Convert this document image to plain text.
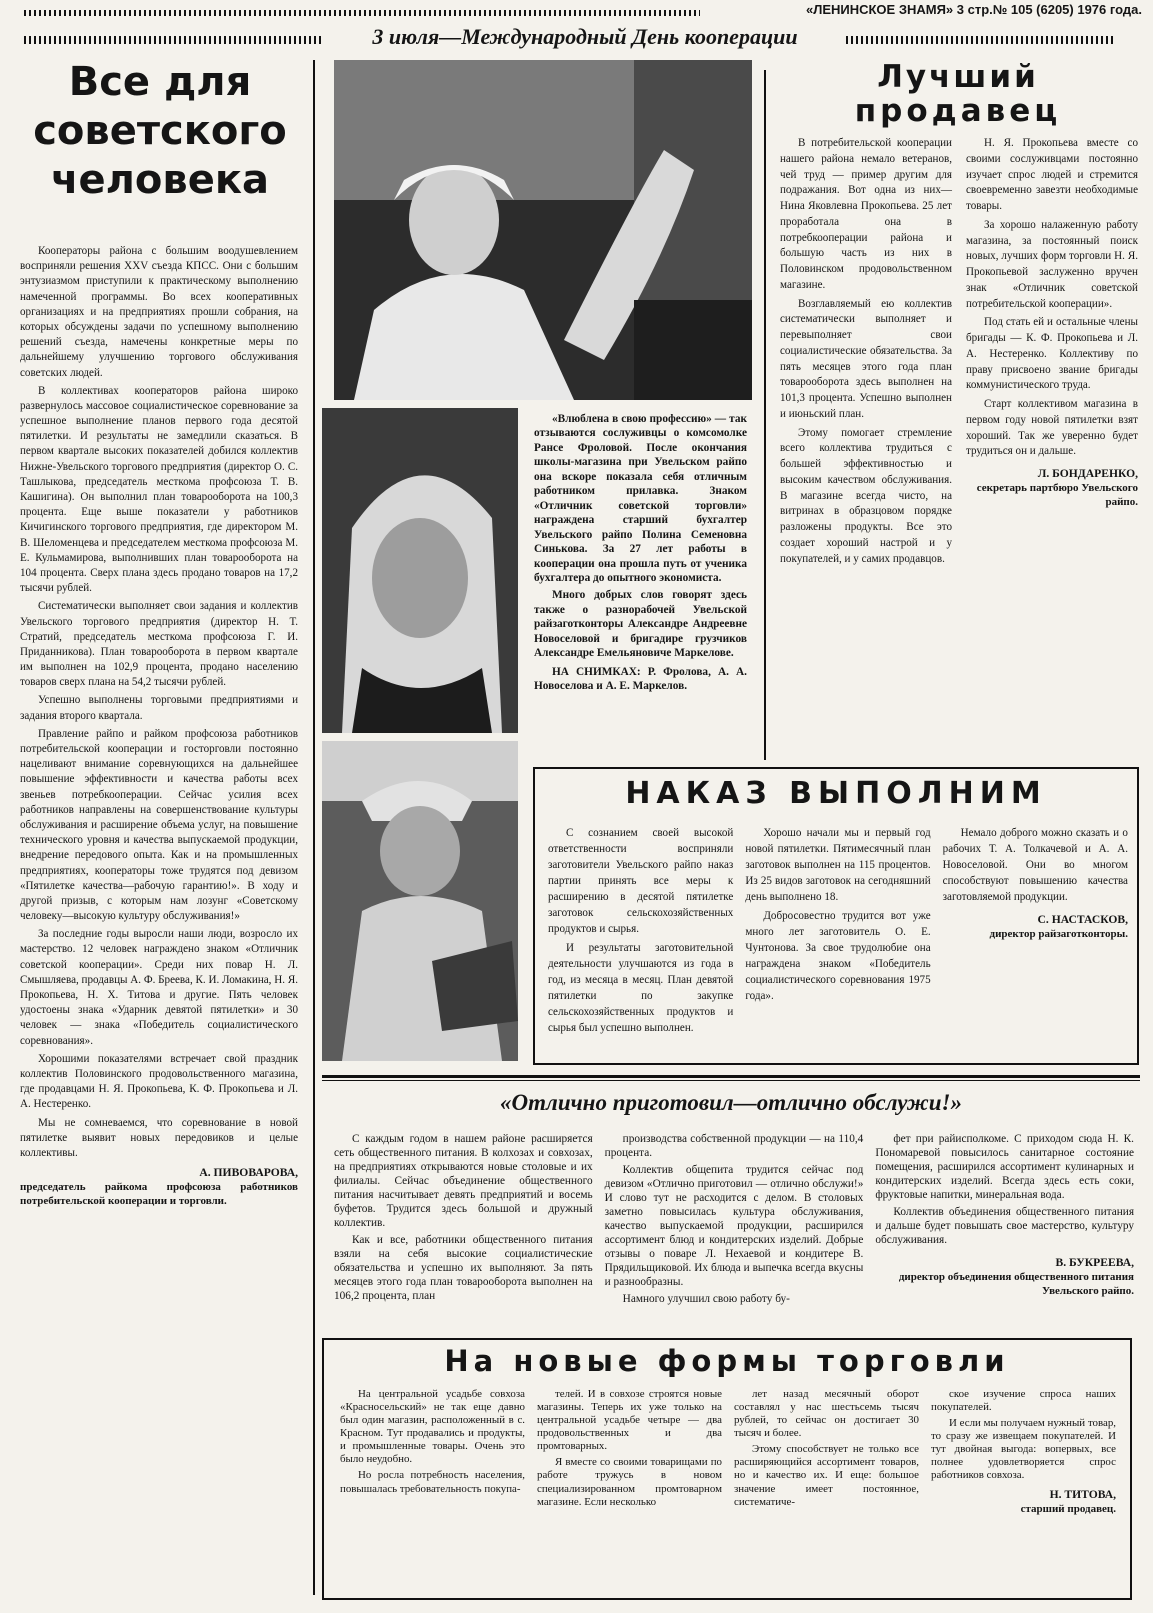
«ЛЕНИНСКОЕ ЗНАМЯ» 3 стр.№ 105 (6205) 1976 года.
3 июля—Международный День кооперации
Все для
советского
человека

Кооператоры района с большим воодушевлением восприняли решения XXV съезда КПСС. Они с большим энтузиазмом приступили к практическому выполнению намеченной программы. Во всех кооперативных организациях и на предприятиях прошли собрания, на которых обсуждены задачи по успешному выполнению решений съезда, намечены конкретные меры по дальнейшему улучшению торгового обслуживания советских людей.

В коллективах кооператоров района широко развернулось массовое социалистическое соревнование за успешное выполнение планов первого года десятой пятилетки. И результаты не замедлили сказаться. В первом квартале высоких показателей добился коллектив Нижне-Увельского торгового предприятия (директор О. С. Ташлыкова, председатель месткома профсоюза Т. В. Кашигина). Он выполнил план товарооборота на 100,3 процента. Еще выше показатели у работников Кичигинского торгового предприятия, где директором М. В. Шеломенцева и председателем месткома профсоюза М. Е. Кульмамирова, выполнивших план товарооборота на 104 процента. Сверх плана здесь продано товаров на 17,2 тысячи рублей.

Систематически выполняет свои задания и коллектив Увельского торгового предприятия (директор Н. Т. Стратий, председатель месткома профсоюза Г. И. Приданникова). План товарооборота в первом квартале им выполнен на 102,9 процента, продано населению товаров сверх плана на 54,2 тысячи рублей.

Успешно выполнены торговыми предприятиями и задания второго квартала.

Правление райпо и райком профсоюза работников потребительской кооперации и госторговли постоянно нацеливают внимание соревнующихся на дальнейшее повышение эффективности и качества работы всех звеньев потребкооперации. Сейчас усилия всех работников направлены на совершенствование культуры обслуживания и расширение объема услуг, на повышение технического уровня и качества выпускаемой продукции, внедрение передового опыта. Как и на промышленных предприятиях, кооператоры тоже трудятся под девизом «Пятилетке качества—рабочую гарантию!». В ходу и другой призыв, с которым нам лозунг «Советскому человеку—высокую культуру обслуживания!»

За последние годы выросли наши люди, возросло их мастерство. 12 человек награждено знаком «Отличник советской кооперации». Среди них повар Н. Л. Смышляева, продавцы А. Ф. Бреева, К. И. Ломакина, Н. Я. Прокопьева, Н. Х. Титова и другие. Пять человек удостоены знака «Ударник девятой пятилетки» и 30 человек — знака «Победитель социалистического соревнования».

Хорошими показателями встречает свой праздник коллектив Половинского продовольственного магазина, где продавцами Н. Я. Прокопьева, К. Ф. Прокопьева и Л. А. Нестеренко.

Мы не сомневаемся, что соревнование в новой пятилетке выявит новых передовиков и целые коллективы.

А. ПИВОВАРОВА,
председатель райкома профсоюза работников потребительской кооперации и торговли.

«Влюблена в свою профессию» — так отзываются сослуживцы о комсомолке Рансе Фроловой. После окончания школы-магазина при Увельском райпо она вскоре показала себя отличным работником прилавка. Знаком «Отличник советской торговли» награждена старший бухгалтер Увельского райпо Полина Семеновна Синькова. За 27 лет работы в кооперации она прошла путь от ученика бухгалтера до опытного экономиста.

Много добрых слов говорят здесь также о разнорабочей Увельской райзаготконторы Александре Андреевне Новоселовой и бригадире грузчиков Александре Емельяновиче Маркелове.

НА СНИМКАХ: Р. Фролова, А. А. Новоселова и А. Е. Маркелов.

Лучший
продавец

В потребительской кооперации нашего района немало ветеранов, чей труд — пример другим для подражания. Вот одна из них—Нина Яковлевна Прокопьева. 25 лет проработала она в потребкооперации района и большую часть из них в Половинском продовольственном магазине.

Возглавляемый ею коллектив систематически выполняет и перевыполняет свои социалистические обязательства. За пять месяцев этого года план товарооборота здесь выполнен на 101,3 процента. Успешно выполнен и июньский план.

Этому помогает стремление всего коллектива трудиться с большей эффективностью и высоким качеством обслуживания. В магазине всегда чисто, на витринах в образцовом порядке разложены продукты. Все это создает хороший настрой и у покупателей, и у самих продавцов.

Н. Я. Прокопьева вместе со своими сослуживцами постоянно изучает спрос людей и стремится своевременно завезти необходимые товары.

За хорошо налаженную работу магазина, за постоянный поиск новых, лучших форм торговли Н. Я. Прокопьевой заслуженно вручен знак «Отличник советской потребительской кооперации».

Под стать ей и остальные члены бригады — К. Ф. Прокопьева и Л. А. Нестеренко. Коллективу по праву присвоено звание бригады коммунистического труда.

Старт коллективом магазина в первом году новой пятилетки взят хороший. Так же уверенно будет трудиться он и дальше.

Л. БОНДАРЕНКО,
секретарь партбюро Увельского райпо.
НАКАЗ ВЫПОЛНИМ

С сознанием своей высокой ответственности восприняли заготовители Увельского райпо наказ партии принять все меры к расширению в десятой пятилетке заготовок сельскохозяйственных продуктов и сырья.

И результаты заготовительной деятельности улучшаются из года в год, из месяца в месяц. План девятой пятилетки по закупке сельскохозяйственных продуктов и сырья был успешно выполнен.

Хорошо начали мы и первый год новой пятилетки. Пятимесячный план заготовок выполнен на 115 процентов. Из 25 видов заготовок на сегодняшний день выполнено 18.

Добросовестно трудится вот уже много лет заготовитель О. Е. Чунтонова. За свое трудолюбие она награждена знаком «Победитель социалистического соревнования 1975 года».

Немало доброго можно сказать и о рабочих Т. А. Толкачевой и А. А. Новоселовой. Они во многом способствуют повышению качества заготовляемой продукции.

С. НАСТАСКОВ,
директор райзаготконторы.
«Отлично приготовил—отлично обслужи!»

С каждым годом в нашем районе расширяется сеть общественного питания. В колхозах и совхозах, на предприятиях открываются новые столовые и их филиалы. Сейчас объединение общественного питания насчитывает девять предприятий и восемь буфетов. Трудится здесь большой и дружный коллектив.

Как и все, работники общественного питания взяли на себя высокие социалистические обязательства и успешно их выполняют. За пять месяцев этого года план товарооборота выполнен на 106,2 процента, план

производства собственной продукции — на 110,4 процента.

Коллектив общепита трудится сейчас под девизом «Отлично приготовил — отлично обслужи!» И слово тут не расходится с делом. В столовых заметно повысилась культура обслуживания, качество выпускаемой продукции, расширился ассортимент блюд и кондитерских изделий. Добрые отзывы о поваре Л. Нехаевой и кондитере В. Прядильщиковой. Их блюда и выпечка всегда вкусны и разнообразны.

Намного улучшил свою работу бу-

фет при райисполкоме. С приходом сюда Н. К. Пономаревой повысилось санитарное состояние помещения, расширился ассортимент кулинарных и кондитерских изделий. Всегда здесь есть соки, фруктовые напитки, минеральная вода.

Коллектив объединения общественного питания и дальше будет повышать свое мастерство, культуру обслуживания.

В. БУКРЕЕВА,
директор объединения общественного питания Увельского райпо.
На новые формы торговли

На центральной усадьбе совхоза «Красносельский» не так еще давно был один магазин, расположенный в с. Красном. Тут продавались и продукты, и промышленные товары. Очень это было неудобно.

Но росла потребность населения, повышалась требовательность покупа-

телей. И в совхозе строятся новые магазины. Теперь их уже только на центральной усадьбе четыре — два продовольственных и два промтоварных.

Я вместе со своими товарищами по работе тружусь в новом специализированном промтоварном магазине. Если несколько

лет назад месячный оборот составлял у нас шестьсемь тысяч рублей, то сейчас он достигает 30 тысяч и более.

Этому способствует не только все расширяющийся ассортимент товаров, но и качество их. И еще: большое значение имеет постоянное, систематиче-

ское изучение спроса наших покупателей.

И если мы получаем нужный товар, то сразу же извещаем покупателей. И тут двойная выгода: вопервых, все полнее удовлетворяется спрос работников совхоза.

Н. ТИТОВА,
старший продавец.
